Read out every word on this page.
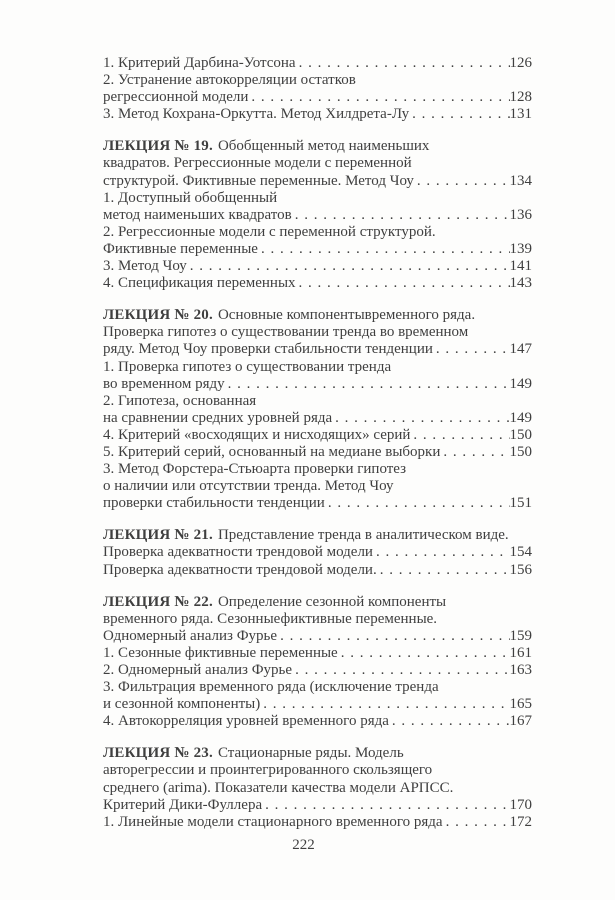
1. Критерий Дарбина-Уотсона . . .	126
2. Устранение автокорреляции остатков
регрессионной модели . . .	128
3. Метод Кохрана-Оркутта. Метод Хилдрета-Лу . . .	131
ЛЕКЦИЯ № 19. Обобщенный метод наименьших
квадратов. Регрессионные модели с переменной
структурой. Фиктивные переменные. Метод Чоу . . .	134
1. Доступный обобщенный
метод наименьших квадратов . . .	136
2. Регрессионные модели с переменной структурой.
Фиктивные переменные . . .	139
3. Метод Чоу . . .	141
4. Спецификация переменных . . .	143
ЛЕКЦИЯ № 20. Основные компонентывременного ряда.
Проверка гипотез о существовании тренда во временном
ряду. Метод Чоу проверки стабильности тенденции . . .	147
1. Проверка гипотез о существовании тренда
во временном ряду . . .	149
2. Гипотеза, основанная
на сравнении средних уровней ряда . . .	149
4. Критерий «восходящих и нисходящих» серий . . .	150
5. Критерий серий, основанный на медиане выборки . . .	150
3. Метод Форстера-Стьюарта проверки гипотез
о наличии или отсутствии тренда. Метод Чоу
проверки стабильности тенденции . . .	151
ЛЕКЦИЯ № 21. Представление тренда в аналитическом виде.
Проверка адекватности трендовой модели . . .	154
Проверка адекватности трендовой модели. . . .	156
ЛЕКЦИЯ № 22. Определение сезонной компоненты
временного ряда. Сезонныефиктивные переменные.
Одномерный анализ Фурье . . .	159
1. Сезонные фиктивные переменные . . .	161
2. Одномерный анализ Фурье . . .	163
3. Фильтрация временного ряда (исключение тренда
и сезонной компоненты) . . .	165
4. Автокорреляция уровней временного ряда . . .	167
ЛЕКЦИЯ № 23. Стационарные ряды. Модель
авторегрессии и проинтегрированного скользящего
среднего (arima). Показатели качества модели АРПСС.
Критерий Дики-Фуллера . . .	170
1. Линейные модели стационарного временного ряда . . .	172
222
